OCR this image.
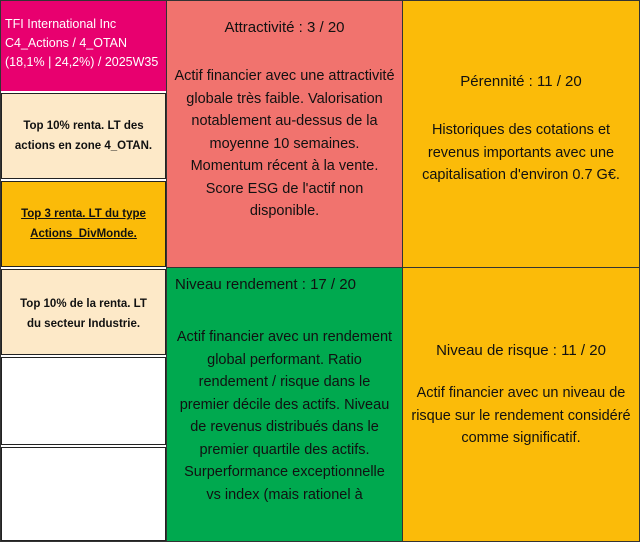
TFI International Inc
C4_Actions / 4_OTAN
(18,1% | 24,2%) / 2025W35
Top 10% renta. LT des actions en zone 4_OTAN.
Top 3 renta. LT du type Actions_DivMonde.
Top 10% de la renta. LT du secteur Industrie.
Attractivité : 3 / 20
Actif financier avec une attractivité globale très faible. Valorisation notablement au-dessus de la moyenne 10 semaines. Momentum récent à la vente. Score ESG de l'actif non disponible.
Pérennité : 11 / 20
Historiques des cotations et revenus importants avec une capitalisation d'environ 0.7 G€.
Niveau rendement : 17 / 20
Actif financier avec un rendement global performant. Ratio rendement / risque dans le premier décile des actifs. Niveau de revenus distribués dans le premier quartile des actifs. Surperformance exceptionnelle vs index (mais rationel à
Niveau de risque : 11 / 20
Actif financier avec un niveau de risque sur le rendement considéré comme significatif.
